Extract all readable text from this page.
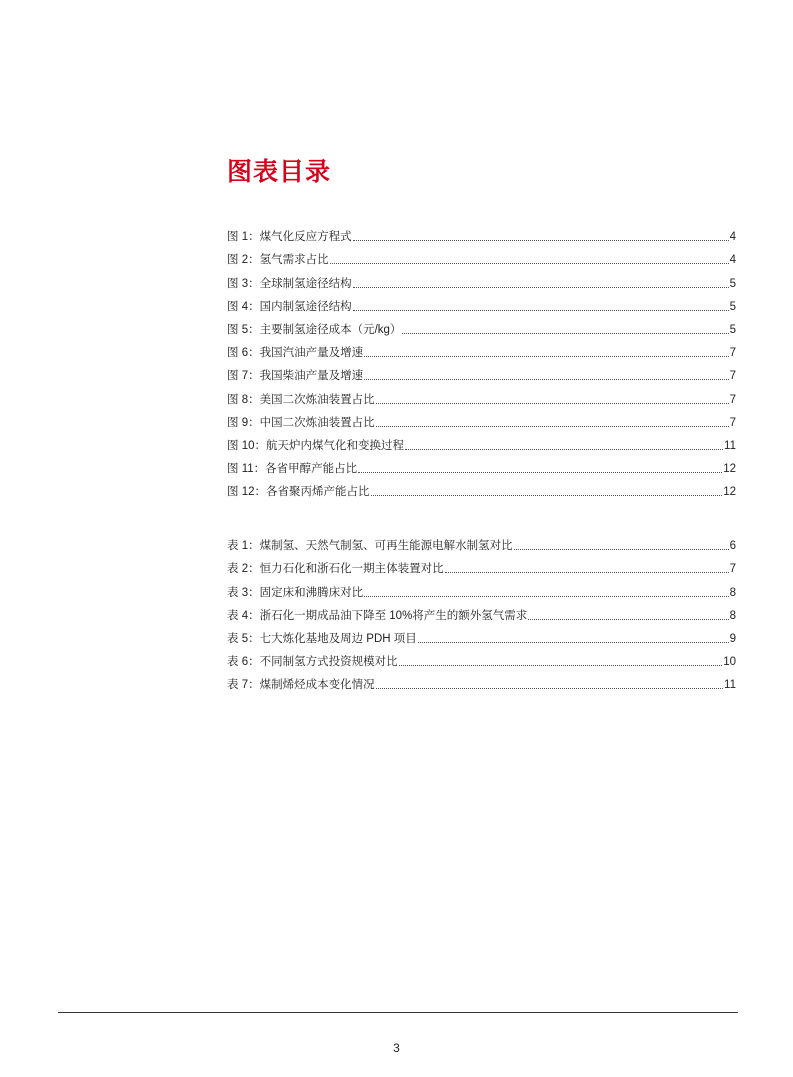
图表目录
图 1：煤气化反应方程式	4
图 2：氢气需求占比	4
图 3：全球制氢途径结构	5
图 4：国内制氢途径结构	5
图 5：主要制氢途径成本（元/kg）	5
图 6：我国汽油产量及增速	7
图 7：我国柴油产量及增速	7
图 8：美国二次炼油装置占比	7
图 9：中国二次炼油装置占比	7
图 10：航天炉内煤气化和变换过程	11
图 11：各省甲醇产能占比	12
图 12：各省聚丙烯产能占比	12
表 1：煤制氢、天然气制氢、可再生能源电解水制氢对比	6
表 2：恒力石化和浙石化一期主体装置对比	7
表 3：固定床和沸腾床对比	8
表 4：浙石化一期成品油下降至 10%将产生的额外氢气需求	8
表 5：七大炼化基地及周边 PDH 项目	9
表 6：不同制氢方式投资规模对比	10
表 7：煤制烯烃成本变化情况	11
3
